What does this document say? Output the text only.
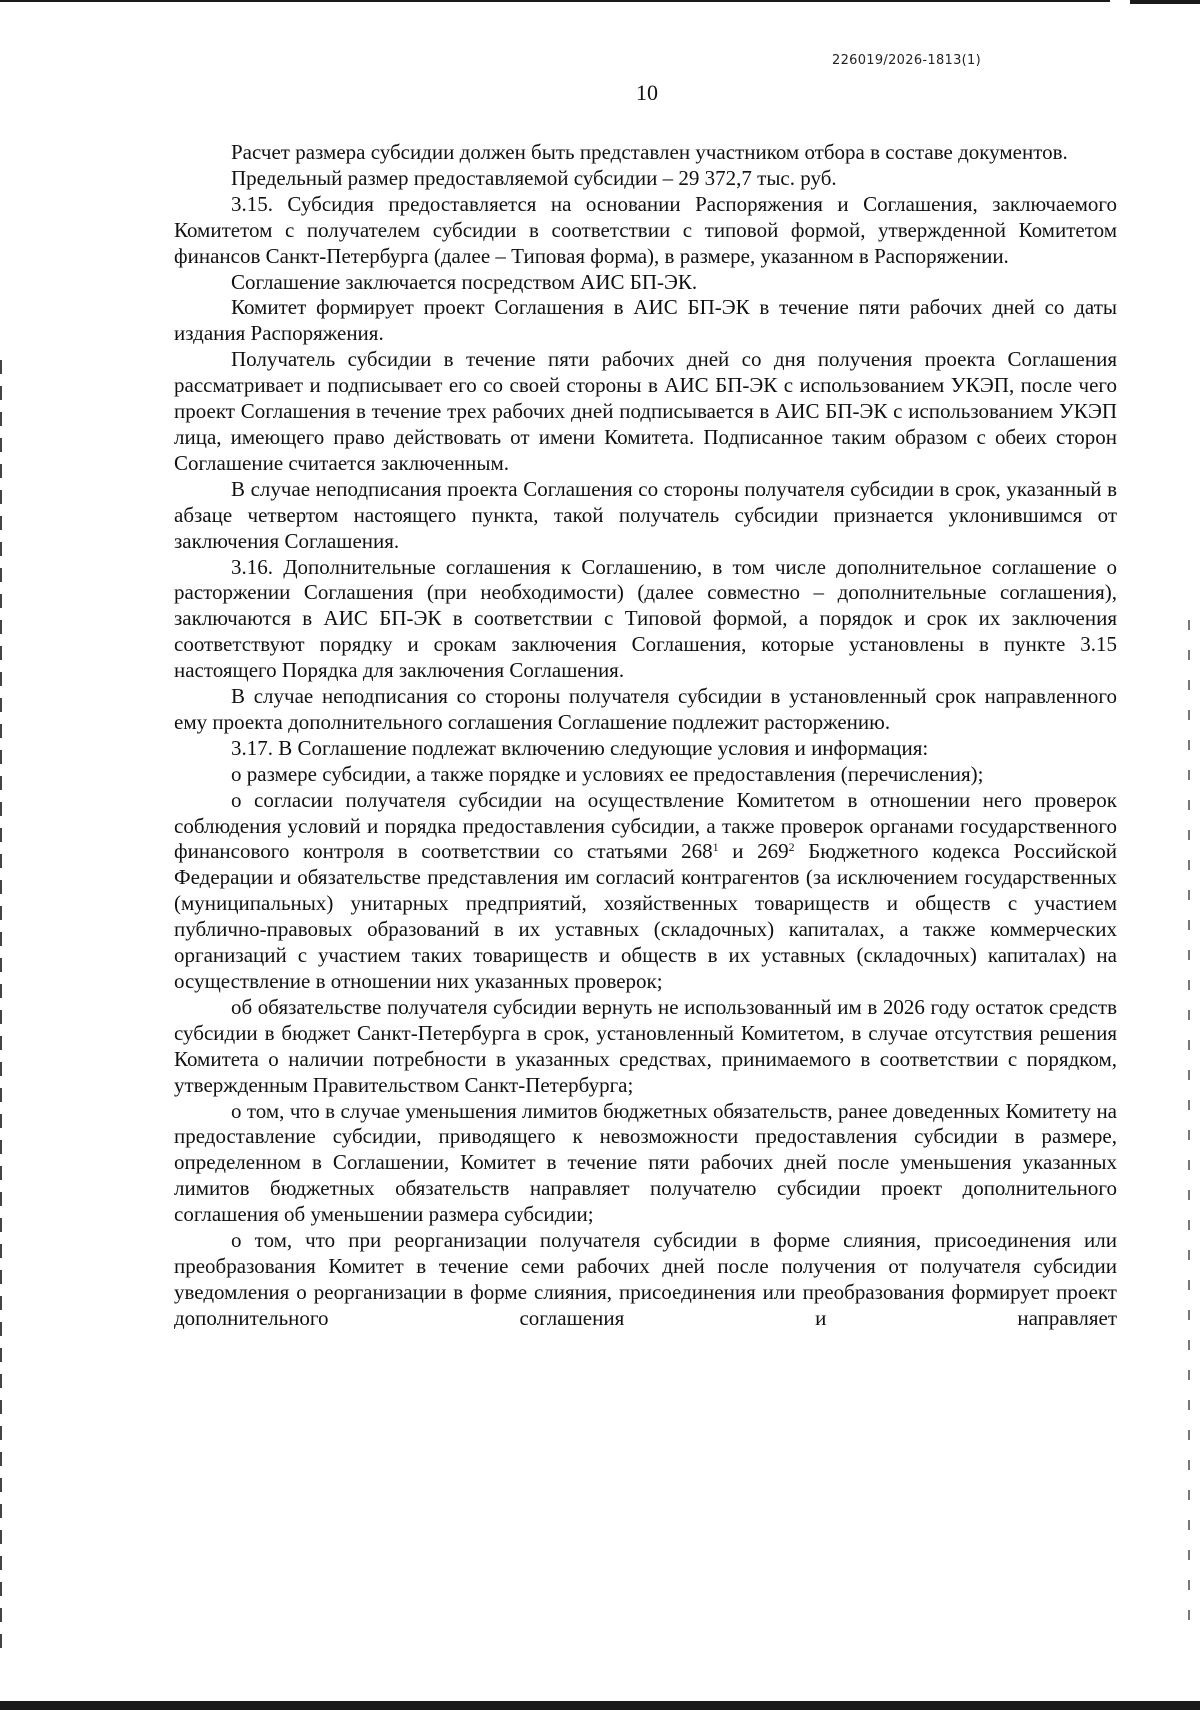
226019/2026-1813(1)
10

Расчет размера субсидии должен быть представлен участником отбора в составе документов.

Предельный размер предоставляемой субсидии – 29 372,7 тыс. руб.

3.15. Субсидия предоставляется на основании Распоряжения и Соглашения, заключаемого Комитетом с получателем субсидии в соответствии с типовой формой, утвержденной Комитетом финансов Санкт-Петербурга (далее – Типовая форма), в размере, указанном в Распоряжении.

Соглашение заключается посредством АИС БП-ЭК.

Комитет формирует проект Соглашения в АИС БП-ЭК в течение пяти рабочих дней со даты издания Распоряжения.

Получатель субсидии в течение пяти рабочих дней со дня получения проекта Соглашения рассматривает и подписывает его со своей стороны в АИС БП-ЭК с использованием УКЭП, после чего проект Соглашения в течение трех рабочих дней подписывается в АИС БП-ЭК с использованием УКЭП лица, имеющего право действовать от имени Комитета. Подписанное таким образом с обеих сторон Соглашение считается заключенным.

В случае неподписания проекта Соглашения со стороны получателя субсидии в срок, указанный в абзаце четвертом настоящего пункта, такой получатель субсидии признается уклонившимся от заключения Соглашения.

3.16. Дополнительные соглашения к Соглашению, в том числе дополнительное соглашение о расторжении Соглашения (при необходимости) (далее совместно – дополнительные соглашения), заключаются в АИС БП-ЭК в соответствии с Типовой формой, а порядок и срок их заключения соответствуют порядку и срокам заключения Соглашения, которые установлены в пункте 3.15 настоящего Порядка для заключения Соглашения.

В случае неподписания со стороны получателя субсидии в установленный срок направленного ему проекта дополнительного соглашения Соглашение подлежит расторжению.

3.17. В Соглашение подлежат включению следующие условия и информация:

о размере субсидии, а также порядке и условиях ее предоставления (перечисления);

о согласии получателя субсидии на осуществление Комитетом в отношении него проверок соблюдения условий и порядка предоставления субсидии, а также проверок органами государственного финансового контроля в соответствии со статьями $268^1$ и $269^2$ Бюджетного кодекса Российской Федерации и обязательстве представления им согласий контрагентов (за исключением государственных (муниципальных) унитарных предприятий, хозяйственных товариществ и обществ с участием публично-правовых образований в их уставных (складочных) капиталах, а также коммерческих организаций с участием таких товариществ и обществ в их уставных (складочных) капиталах) на осуществление в отношении них указанных проверок;

об обязательстве получателя субсидии вернуть не использованный им в 2026 году остаток средств субсидии в бюджет Санкт-Петербурга в срок, установленный Комитетом, в случае отсутствия решения Комитета о наличии потребности в указанных средствах, принимаемого в соответствии с порядком, утвержденным Правительством Санкт-Петербурга;

о том, что в случае уменьшения лимитов бюджетных обязательств, ранее доведенных Комитету на предоставление субсидии, приводящего к невозможности предоставления субсидии в размере, определенном в Соглашении, Комитет в течение пяти рабочих дней после уменьшения указанных лимитов бюджетных обязательств направляет получателю субсидии проект дополнительного соглашения об уменьшении размера субсидии;

о том, что при реорганизации получателя субсидии в форме слияния, присоединения или преобразования Комитет в течение семи рабочих дней после получения от получателя субсидии уведомления о реорганизации в форме слияния, присоединения или преобразования формирует проект дополнительного соглашения и направляет
